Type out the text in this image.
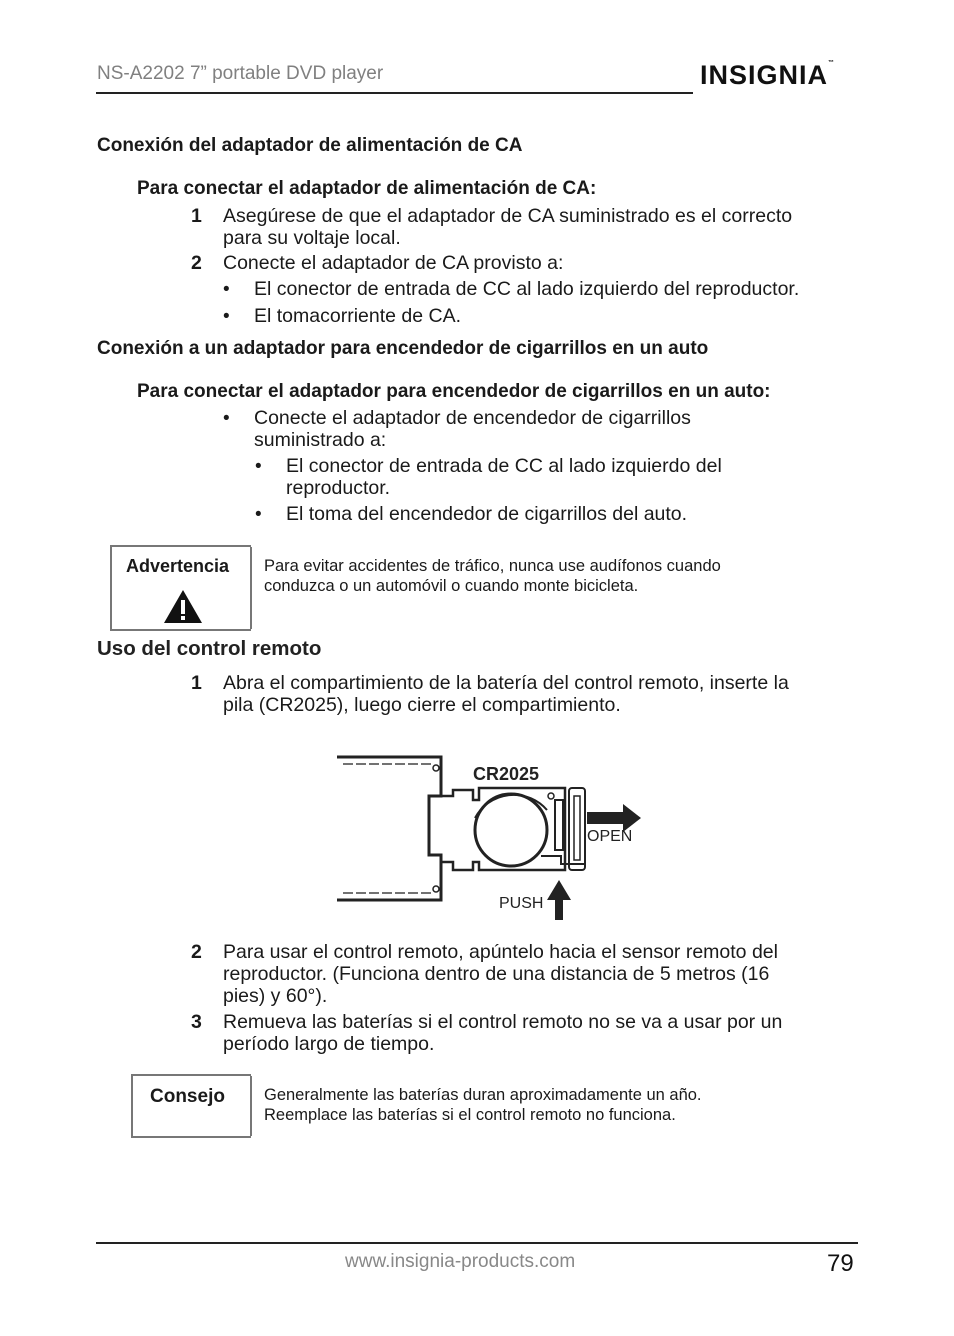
NS-A2202 7” portable DVD player	INSIGNIA™
Conexión del adaptador de alimentación de CA
Para conectar el adaptador de alimentación de CA:
1 Asegúrese de que el adaptador de CA suministrado es el correcto
para su voltaje local.
2 Conecte el adaptador de CA provisto a:
• El conector de entrada de CC al lado izquierdo del reproductor.
• El tomacorriente de CA.
Conexión a un adaptador para encendedor de cigarrillos en un auto
Para conectar el adaptador para encendedor de cigarrillos en un auto:
• Conecte el adaptador de encendedor de cigarrillos
suministrado a:
• El conector de entrada de CC al lado izquierdo del
reproductor.
• El toma del encendedor de cigarrillos del auto.
Advertencia Para evitar accidentes de tráfico, nunca use audífonos cuando
conduzca o un automóvil o cuando monte bicicleta.
Uso del control remoto
1 Abra el compartimiento de la batería del control remoto, inserte la
pila (CR2025), luego cierre el compartimiento.
CR2025
OPEN
PUSH
2 Para usar el control remoto, apúntelo hacia el sensor remoto del
reproductor. (Funciona dentro de una distancia de 5 metros (16
pies) y 60°).
3 Remueva las baterías si el control remoto no se va a usar por un
período largo de tiempo.
Consejo Generalmente las baterías duran aproximadamente un año.
Reemplace las baterías si el control remoto no funciona.
www.insignia-products.com	79
